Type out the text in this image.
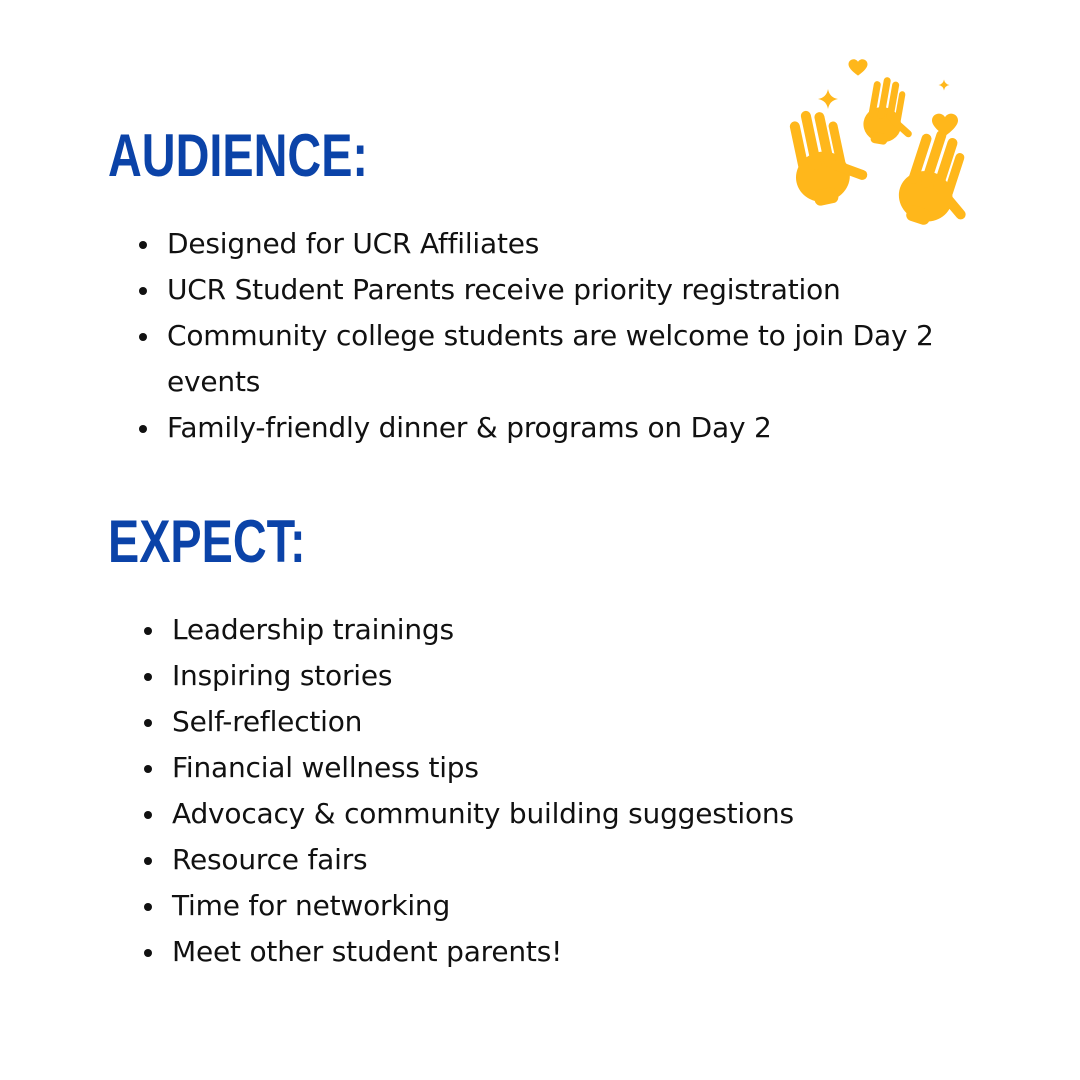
AUDIENCE:
Designed for UCR Affiliates
UCR Student Parents receive priority registration
Community college students are welcome to join Day 2 events
Family-friendly dinner & programs on Day 2
EXPECT:
Leadership trainings
Inspiring stories
Self-reflection
Financial wellness tips
Advocacy & community building suggestions
Resource fairs
Time for networking
Meet other student parents!
